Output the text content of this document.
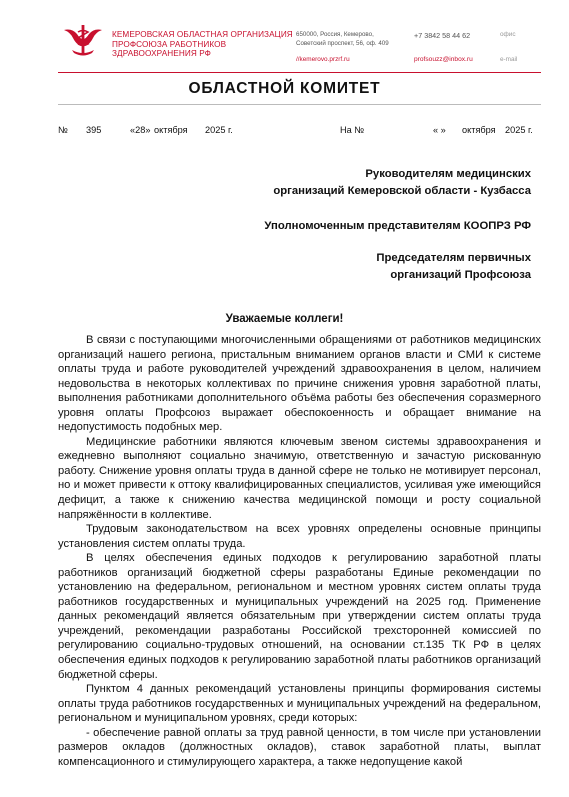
КЕМЕРОВСКАЯ ОБЛАСТНАЯ ОРГАНИЗАЦИЯ
ПРОФСОЮЗА РАБОТНИКОВ
ЗДРАВООХРАНЕНИЯ РФ
650000, Россия, Кемерово,
Советский проспект, 56, оф. 409
//kemerovo.przrf.ru
+7 3842 58 44 62
profsouzz@inbox.ru
офис
e-mail
ОБЛАСТНОЙ КОМИТЕТ
№ 395	«28» октября 2025 г.	На №	« » октября 2025 г.
Руководителям медицинских
организаций Кемеровской области - Кузбасса
Уполномоченным представителям КООПРЗ РФ
Председателям первичных
организаций Профсоюза
Уважаемые коллеги!

В связи с поступающими многочисленными обращениями от работников медицинских организаций нашего региона, пристальным вниманием органов власти и СМИ к системе оплаты труда и работе руководителей учреждений здравоохранения в целом, наличием недовольства в некоторых коллективах по причине снижения уровня заработной платы, выполнения работниками дополнительного объёма работы без обеспечения соразмерного уровня оплаты Профсоюз выражает обеспокоенность и обращает внимание на недопустимость подобных мер.

Медицинские работники являются ключевым звеном системы здравоохранения и ежедневно выполняют социально значимую, ответственную и зачастую рискованную работу. Снижение уровня оплаты труда в данной сфере не только не мотивирует персонал, но и может привести к оттоку квалифицированных специалистов, усиливая уже имеющийся дефицит, а также к снижению качества медицинской помощи и росту социальной напряжённости в коллективе.

Трудовым законодательством на всех уровнях определены основные принципы установления систем оплаты труда.

В целях обеспечения единых подходов к регулированию заработной платы работников организаций бюджетной сферы разработаны Единые рекомендации по установлению на федеральном, региональном и местном уровнях систем оплаты труда работников государственных и муниципальных учреждений на 2025 год. Применение данных рекомендаций является обязательным при утверждении систем оплаты труда учреждений, рекомендации разработаны Российской трехсторонней комиссией по регулированию социально-трудовых отношений, на основании ст.135 ТК РФ в целях обеспечения единых подходов к регулированию заработной платы работников организаций бюджетной сферы.

Пунктом 4 данных рекомендаций установлены принципы формирования системы оплаты труда работников государственных и муниципальных учреждений на федеральном, региональном и муниципальном уровнях, среди которых:

- обеспечение равной оплаты за труд равной ценности, в том числе при установлении размеров окладов (должностных окладов), ставок заработной платы, выплат компенсационного и стимулирующего характера, а также недопущение какой
